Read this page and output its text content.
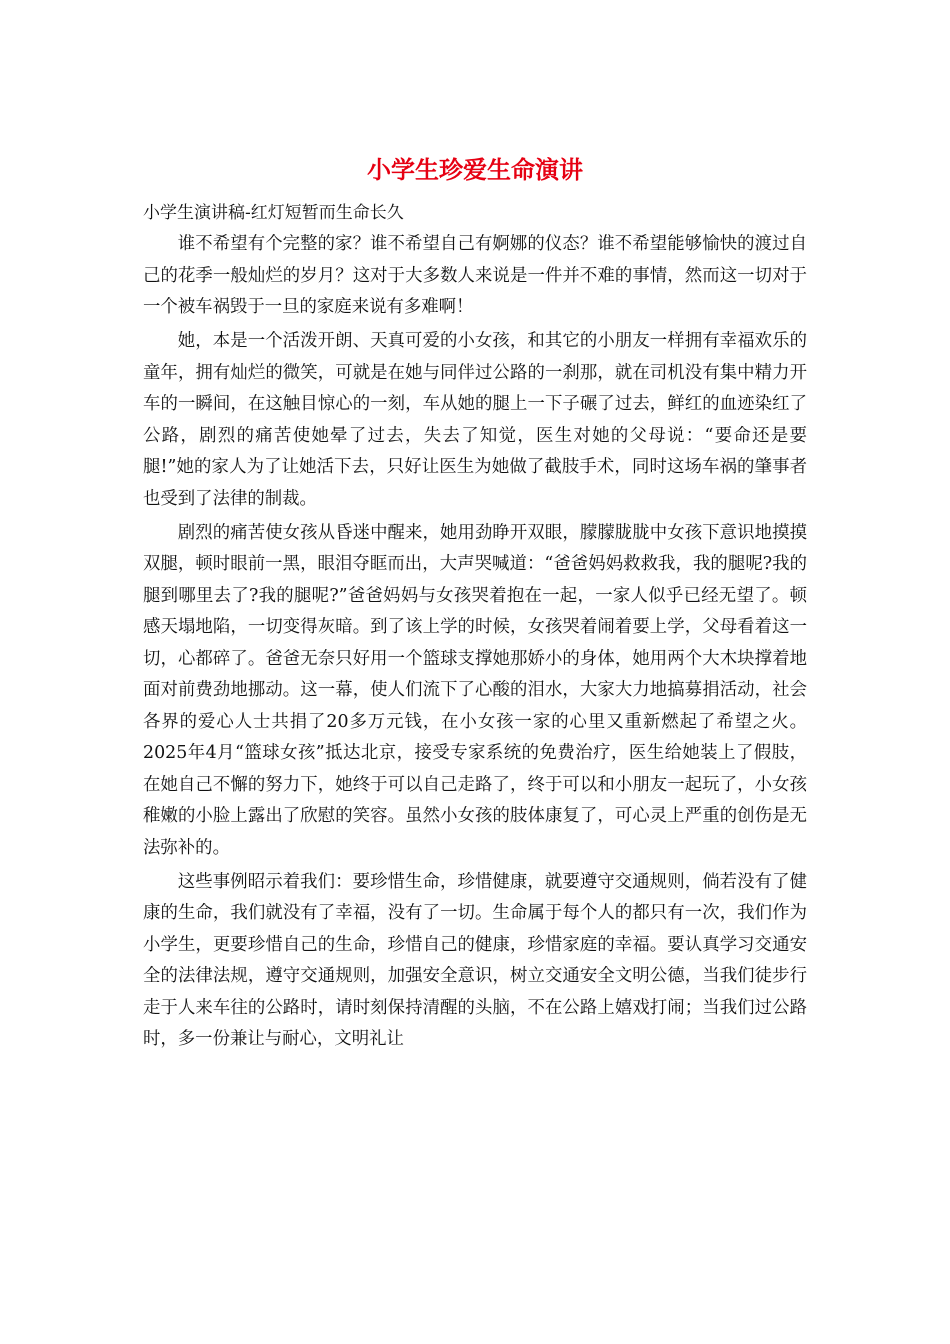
小学生珍爱生命演讲

小学生演讲稿-红灯短暂而生命长久

谁不希望有个完整的家？谁不希望自己有婀娜的仪态？谁不希望能够愉快的渡过自己的花季一般灿烂的岁月？这对于大多数人来说是一件并不难的事情，然而这一切对于一个被车祸毁于一旦的家庭来说有多难啊！

她，本是一个活泼开朗、天真可爱的小女孩，和其它的小朋友一样拥有幸福欢乐的童年，拥有灿烂的微笑，可就是在她与同伴过公路的一刹那，就在司机没有集中精力开车的一瞬间，在这触目惊心的一刻，车从她的腿上一下子碾了过去，鲜红的血迹染红了公路，剧烈的痛苦使她晕了过去，失去了知觉，医生对她的父母说：“要命还是要腿!”她的家人为了让她活下去，只好让医生为她做了截肢手术，同时这场车祸的肇事者也受到了法律的制裁。

剧烈的痛苦使女孩从昏迷中醒来，她用劲睁开双眼，朦朦胧胧中女孩下意识地摸摸双腿，顿时眼前一黑，眼泪夺眶而出，大声哭喊道：“爸爸妈妈救救我，我的腿呢?我的腿到哪里去了?我的腿呢?”爸爸妈妈与女孩哭着抱在一起，一家人似乎已经无望了。顿感天塌地陷，一切变得灰暗。到了该上学的时候，女孩哭着闹着要上学，父母看着这一切，心都碎了。爸爸无奈只好用一个篮球支撑她那娇小的身体，她用两个大木块撑着地面对前费劲地挪动。这一幕，使人们流下了心酸的泪水，大家大力地搞募捐活动，社会各界的爱心人士共捐了20多万元钱，在小女孩一家的心里又重新燃起了希望之火。2025年4月“篮球女孩”抵达北京，接受专家系统的免费治疗，医生给她装上了假肢，在她自己不懈的努力下，她终于可以自己走路了，终于可以和小朋友一起玩了，小女孩稚嫩的小脸上露出了欣慰的笑容。虽然小女孩的肢体康复了，可心灵上严重的创伤是无法弥补的。

这些事例昭示着我们：要珍惜生命，珍惜健康，就要遵守交通规则，倘若没有了健康的生命，我们就没有了幸福，没有了一切。生命属于每个人的都只有一次，我们作为小学生，更要珍惜自己的生命，珍惜自己的健康，珍惜家庭的幸福。要认真学习交通安全的法律法规，遵守交通规则，加强安全意识，树立交通安全文明公德，当我们徒步行走于人来车往的公路时，请时刻保持清醒的头脑，不在公路上嬉戏打闹；当我们过公路时，多一份兼让与耐心，文明礼让
